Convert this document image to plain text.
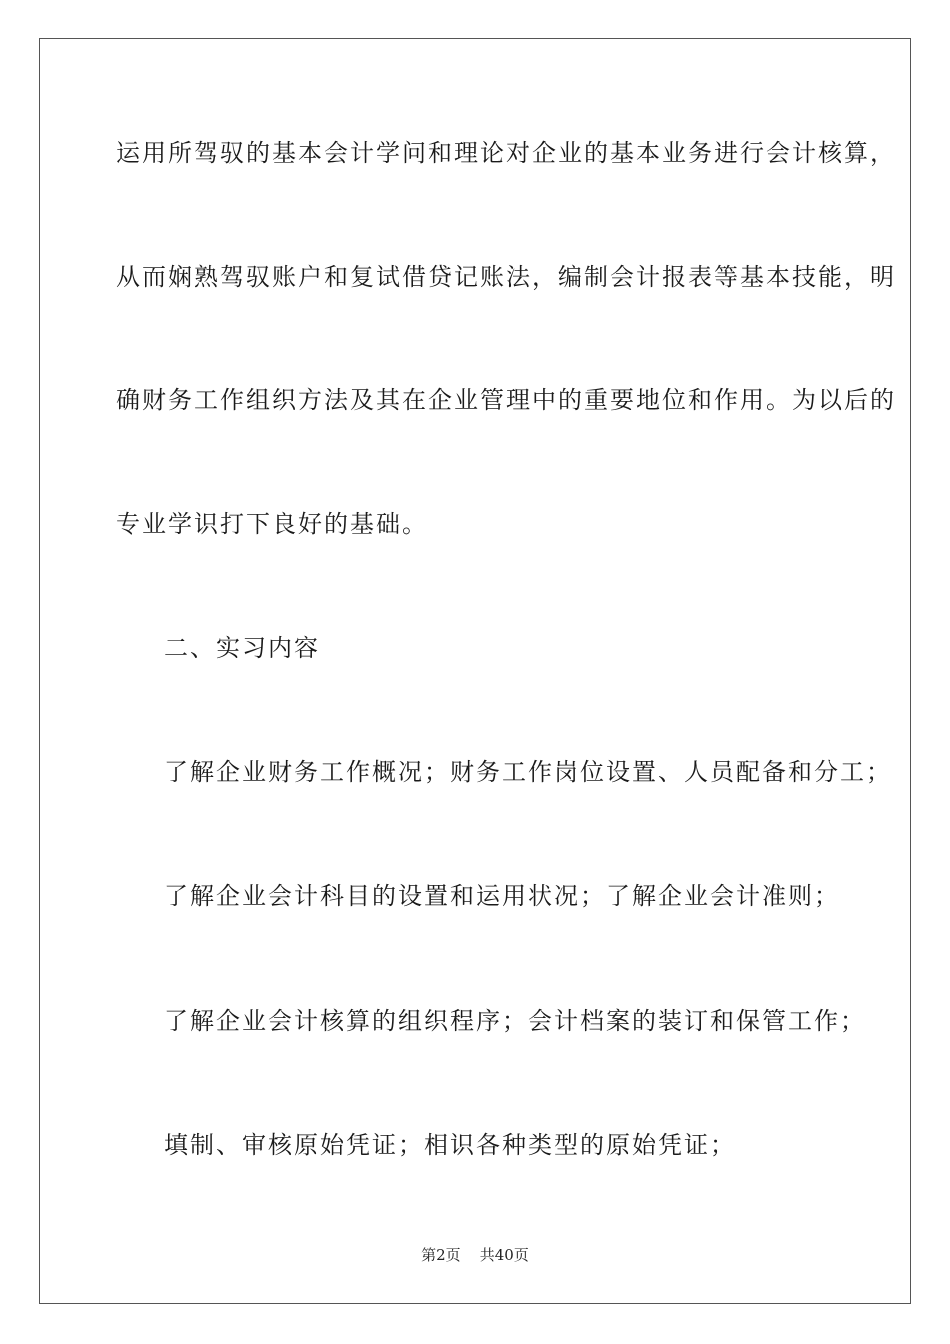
运用所驾驭的基本会计学问和理论对企业的基本业务进行会计核算，
从而娴熟驾驭账户和复试借贷记账法，编制会计报表等基本技能，明
确财务工作组织方法及其在企业管理中的重要地位和作用。为以后的
专业学识打下良好的基础。
二、实习内容
了解企业财务工作概况；财务工作岗位设置、人员配备和分工；
了解企业会计科目的设置和运用状况；了解企业会计准则；
了解企业会计核算的组织程序；会计档案的装订和保管工作；
填制、审核原始凭证；相识各种类型的原始凭证；
第2页 共40页
